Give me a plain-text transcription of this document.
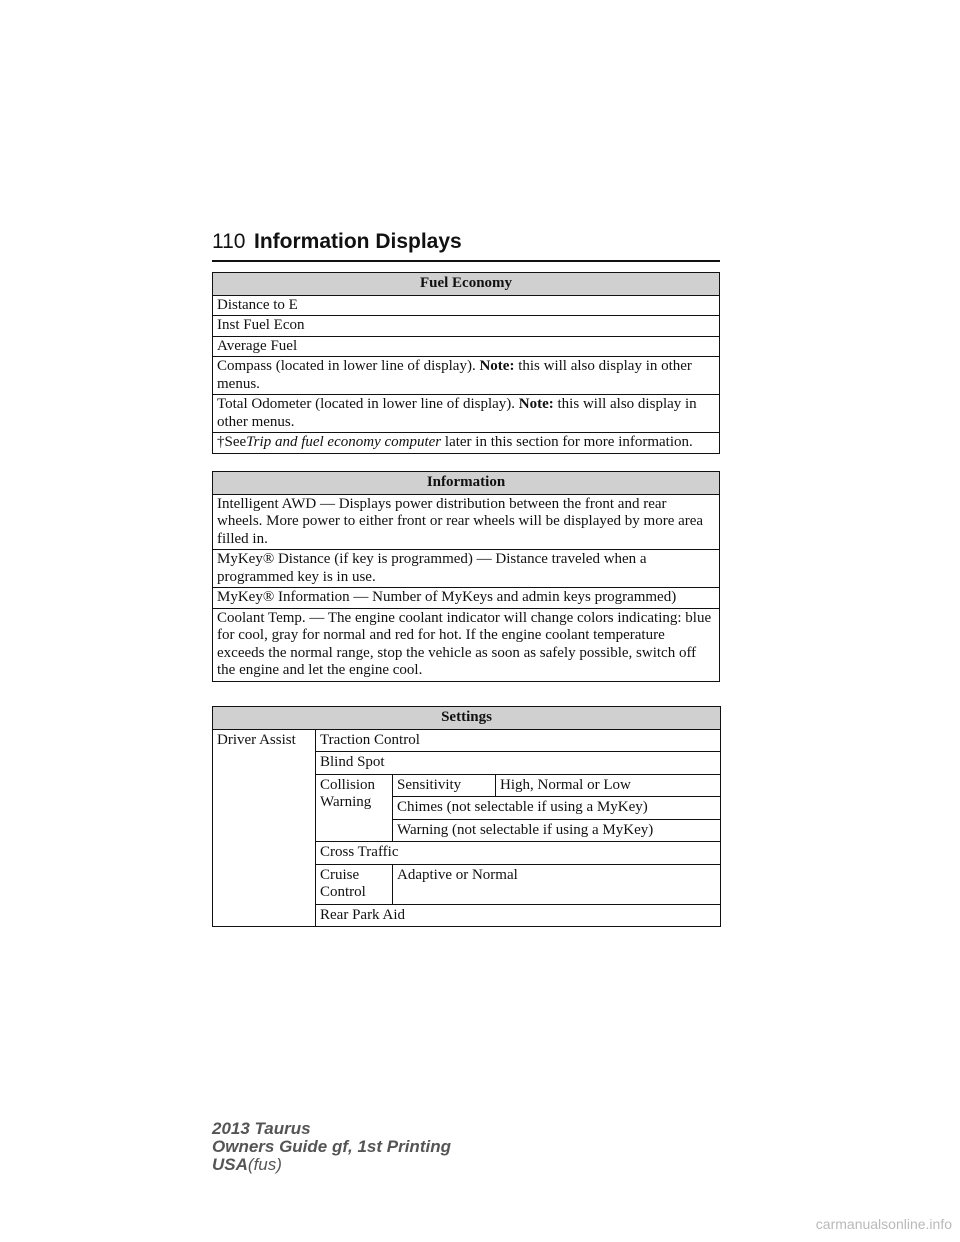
110 Information Displays
Fuel Economy
Distance to E
Inst Fuel Econ
Average Fuel
Compass (located in lower line of display). Note: this will also display in other menus.
Total Odometer (located in lower line of display). Note: this will also display in other menus.
†SeeTrip and fuel economy computer later in this section for more information.
Information
Intelligent AWD — Displays power distribution between the front and rear wheels. More power to either front or rear wheels will be displayed by more area filled in.
MyKey® Distance (if key is programmed) — Distance traveled when a programmed key is in use.
MyKey® Information — Number of MyKeys and admin keys programmed)
Coolant Temp. — The engine coolant indicator will change colors indicating: blue for cool, gray for normal and red for hot. If the engine coolant temperature exceeds the normal range, stop the vehicle as soon as safely possible, switch off the engine and let the engine cool.
Settings			
Driver Assist	Traction Control		
	Blind Spot		
	Collision Warning	Sensitivity	High, Normal or Low
		Chimes (not selectable if using a MyKey)	
		Warning (not selectable if using a MyKey)	
	Cross Traffic		
	Cruise Control	Adaptive or Normal	
	Rear Park Aid		
2013 Taurus
Owners Guide gf, 1st Printing
USA(fus)
carmanualsonline.info
